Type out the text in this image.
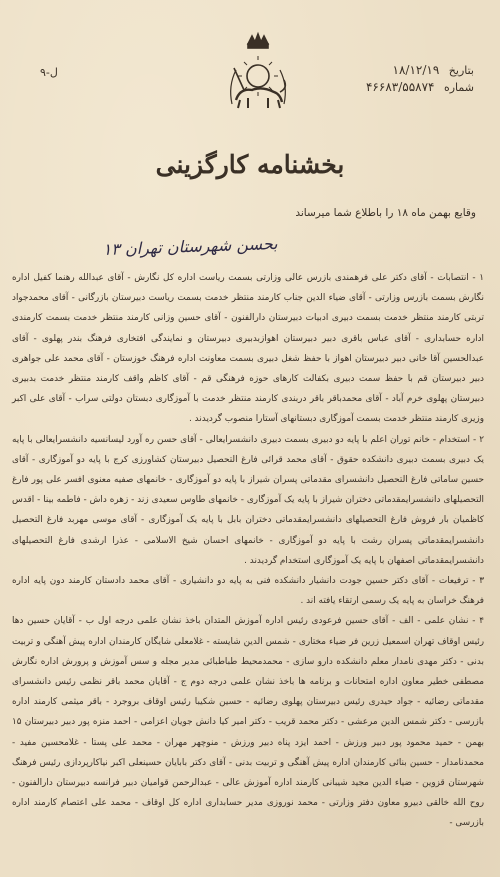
بتاریخ ۱۸/۱۲/۱۹
شماره ۴۶۶۸۳/۵۵۸۷۴
ل-۹
بخشنامه کارگزینی
وقایع بهمن ماه ۱۸ را باطلاع شما میرساند
بحسن شهرستان تهران ۱۳

۱ - انتصابات - آقای دکتر علی فرهمندی بازرس عالی وزارتی بسمت ریاست اداره کل نگارش - آقای عبدالله رهنما کفیل اداره نگارش بسمت بازرس وزارتی - آقای ضیاء الدین جناب کارمند منتظر خدمت بسمت ریاست دبیرستان بازرگانی - آقای محمدجواد تربتی کارمند منتظر خدمت بسمت دبیری ادبیات دبیرستان دارالفنون - آقای حسین وزانی کارمند منتظر خدمت بسمت کارمندی اداره حسابداری - آقای عباس باقری دبیر دبیرستان اهوازبدبیری دبیرستان و نمایندگی افتخاری فرهنگ بندر پهلوی - آقای عبدالحسین آقا خانی دبیر دبیرستان اهواز با حفظ شغل دبیری بسمت معاونت اداره فرهنگ خوزستان - آقای محمد علی جواهری دبیر دبیرستان قم با حفظ سمت دبیری بکفالت کارهای حوزه فرهنگی قم - آقای کاظم واقف کارمند منتظر خدمت بدبیری دبیرستان پهلوی خرم آباد - آقای محمدباقر باقر دربندی کارمند منتظر خدمت با آموزگاری دبستان دولتی سراب - آقای علی اکبر وزیری کارمند منتظر خدمت بسمت آموزگاری دبستانهای آستارا منصوب گردیدند .

۲ - استخدام - خانم توران اعلم با پایه دو دبیری بسمت دبیری دانشسرایعالی - آقای حسن ره آورد لیسانسیه دانشسرایعالی با پایه یک دبیری بسمت دبیری دانشکده حقوق - آقای محمد قرائی فارغ التحصیل دبیرستان کشاورزی کرج با پایه دو آموزگاری - آقای حسین ساماتی فارغ التحصیل دانشسرای مقدماتی پسران شیراز با پایه دو آموزگاری - خانمهای صفیه معنوی افسر علی پور فارغ التحصیلهای دانشسرایمقدماتی دختران شیراز با پایه یک آموزگاری - خانمهای طاوس سعیدی زند - زهره داش - فاطمه بینا - اقدس کاظمیان بار فروش فارغ التحصیلهای دانشسرایمقدماتی دختران بابل با پایه یک آموزگاری - آقای موسی مهربد فارغ التحصیل دانشسرایمقدماتی پسران رشت با پایه دو آموزگاری - خانمهای احسان شیخ الاسلامی - عذرا ارشدی فارغ التحصیلهای دانشسرایمقدماتی اصفهان با پایه یک آموزگاری استخدام گردیدند .

۳ - ترفیعات - آقای دکتر حسین جودت دانشیار دانشکده فنی به پایه دو دانشیاری - آقای محمد دادستان کارمند دون پایه اداره فرهنگ خراسان به پایه یک رسمی ارتقاء یافته اند .

۴ - نشان علمی - الف - آقای حسین فرعودی رئیس اداره آموزش المتدان باخذ نشان علمی درجه اول ب - آقایان حسین دها رئیس اوقاف تهران اسمعیل زرین فر ضیاء مختاری - شمس الدین شایسته - غلامعلی شایگان کارمندان اداره پیش آهنگی و تربیت بدنی - دکتر مهدی نامدار معلم دانشکده دارو سازی - محمدمحیط طباطبائی مدیر مجله و سس آموزش و پرورش اداره نگارش مصطفی خطیر معاون اداره امتحانات و برنامه ها باخذ نشان علمی درجه دوم ج - آقایان محمد باقر نظمی رئیس دانشسرای مقدماتی رضائیه - جواد حیدری رئیس دبیرستان پهلوی رضائیه - حسین شکیبا رئیس اوقاف بروجرد - باقر میثمی کارمند اداره بازرسی - دکتر شمس الدین مرعشی - دکتر محمد قریب - دکتر امیر کیا دانش جویان اعزامی - احمد منزه پور دبیر دبیرستان ۱۵ بهمن - حمید محمود پور دبیر ورزش - احمد ایزد پناه دبیر ورزش - منوچهر مهران - محمد علی پستا - غلامحسین مفید - محمدنامدار - حسین بنائی کارمندان اداره پیش آهنگی و تربیت بدنی - آقای دکتر بابایان حسینعلی اکبر نیاکارپردازی رئیس فرهنگ شهرستان قزوین - ضیاء الدین مجید شیبانی کارمند اداره آموزش عالی - عبدالرحمن قوامیان دبیر فرانسه دبیرستان دارالفنون - روح الله خالقی دبیرو معاون دفتر وزارتی - محمد نوروزی مدیر حسابداری اداره کل اوقاف - محمد علی اعتصام کارمند اداره بازرسی -
